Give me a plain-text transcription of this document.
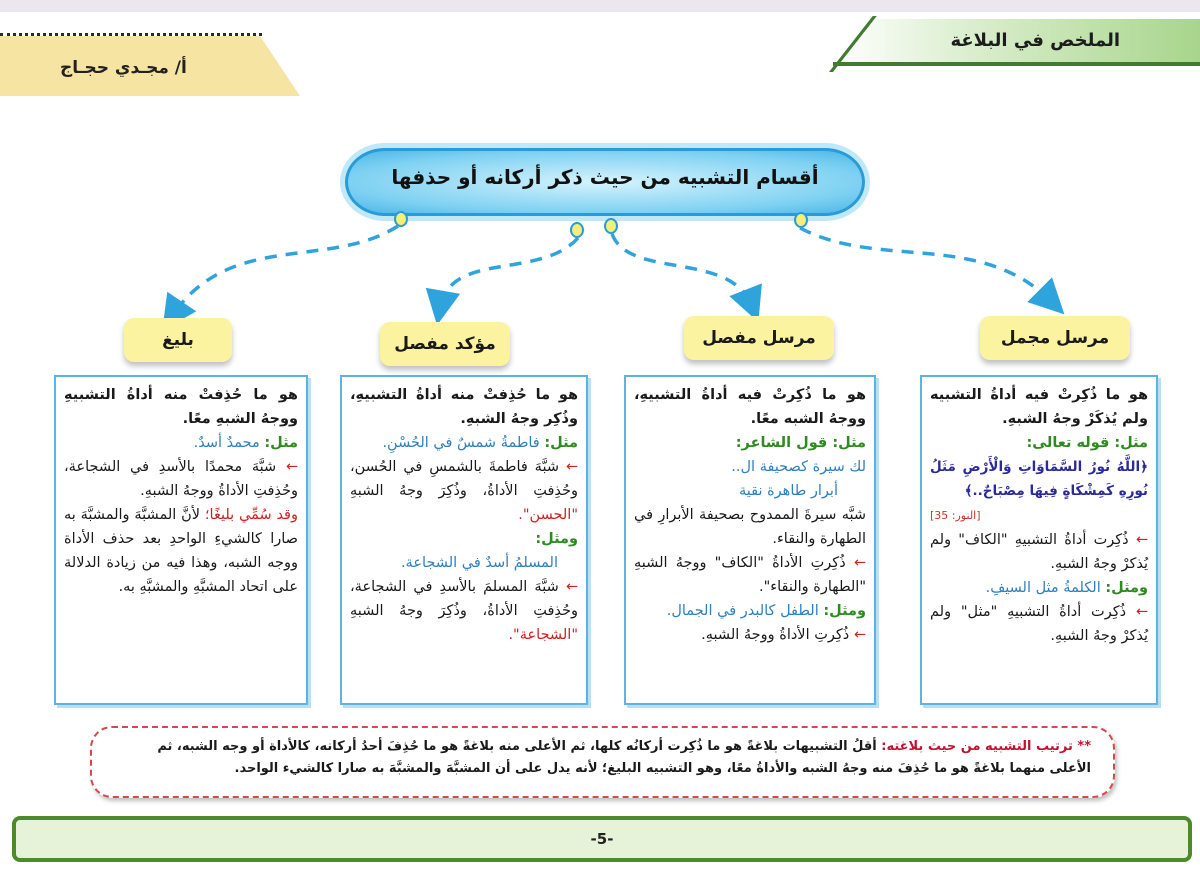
الملخص في البلاغة
أ/ مجـدي حجـاج
أقسام التشبيه من حيث ذكر أركانه أو حذفها
مرسل مجمل
مرسل مفصل
مؤكد مفصل
بليغ

هو ما ذُكِرتْ فيه أداةُ التشبيه ولم يُذكَرْ وجهُ الشبهِ.

مثل: قوله تعالى:

﴿اللَّهُ نُورُ السَّمَاوَاتِ وَالْأَرْضِ مَثَلُ نُورِهِ كَمِشْكَاةٍ فِيهَا مِصْبَاحٌ..﴾

[النور: 35]

← ذُكِرت أداةُ التشبيهِ "الكاف" ولم يُذكرْ وجهُ الشبهِ.

ومثل: الكلمةُ مثل السيفِ.

← ذُكِرت أداةُ التشبيهِ "مثل" ولم يُذكرْ وجهُ الشبهِ.

هو ما ذُكِرتْ فيه أداةُ التشبيهِ، ووجهُ الشبه معًا.

مثل: قول الشاعر:

لك سيرة كصحيفة ال..

أبرار طاهرة نقية

شبَّه سيرةَ الممدوح بصحيفة الأبرارِ في الطهارة والنقاء.

← ذُكِرتِ الأداةُ "الكاف" ووجهُ الشبهِ "الطهارة والنقاء".

ومثل: الطفل كالبدر في الجمال.

← ذُكِرتِ الأداةُ ووجهُ الشبهِ.

هو ما حُذِفتْ منه أداةُ التشبيهِ، وذُكِر وجهُ الشبهِ.

مثل: فاطمةُ شمسٌ في الحُسْنِ.

← شبَّهَ فاطمةَ بالشمسِ في الحُسن، وحُذِفتِ الأداةُ، وذُكِرَ وجهُ الشبهِ "الحسن".

ومثل:

المسلمُ أسدٌ في الشجاعة.

← شبَّهَ المسلمَ بالأسدِ في الشجاعة، وحُذِفتِ الأداةُ، وذُكِرَ وجهُ الشبهِ "الشجاعة".

هو ما حُذِفتْ منه أداةُ التشبيهِ ووجهُ الشبهِ معًا.

مثل: محمدٌ أسدٌ.

← شبَّهَ محمدًا بالأسدِ في الشجاعة، وحُذِفتِ الأداةُ ووجهُ الشبهِ.

وقد سُمِّي بليغًا؛ لأنَّ المشبَّهَ والمشبَّهَ به صارا كالشيءِ الواحدِ بعد حذف الأداة ووجه الشبه، وهذا فيه من زيادة الدلالة على اتحاد المشبَّهِ والمشبَّهِ به.

** ترتيب التشبيه من حيث بلاغته: أقلُ التشبيهات بلاغةً هو ما ذُكِرت أركانُه كلها، ثم الأعلى منه بلاغةً هو ما حُذِفَ أحدُ أركانه، كالأداة أو وجه الشبه، ثم الأعلى منهما بلاغةً هو ما حُذِفَ منه وجهُ الشبه والأداةُ معًا، وهو التشبيه البليغ؛ لأنه يدل على أن المشبَّهَ والمشبَّهَ به صارا كالشيء الواحد.
-5-
